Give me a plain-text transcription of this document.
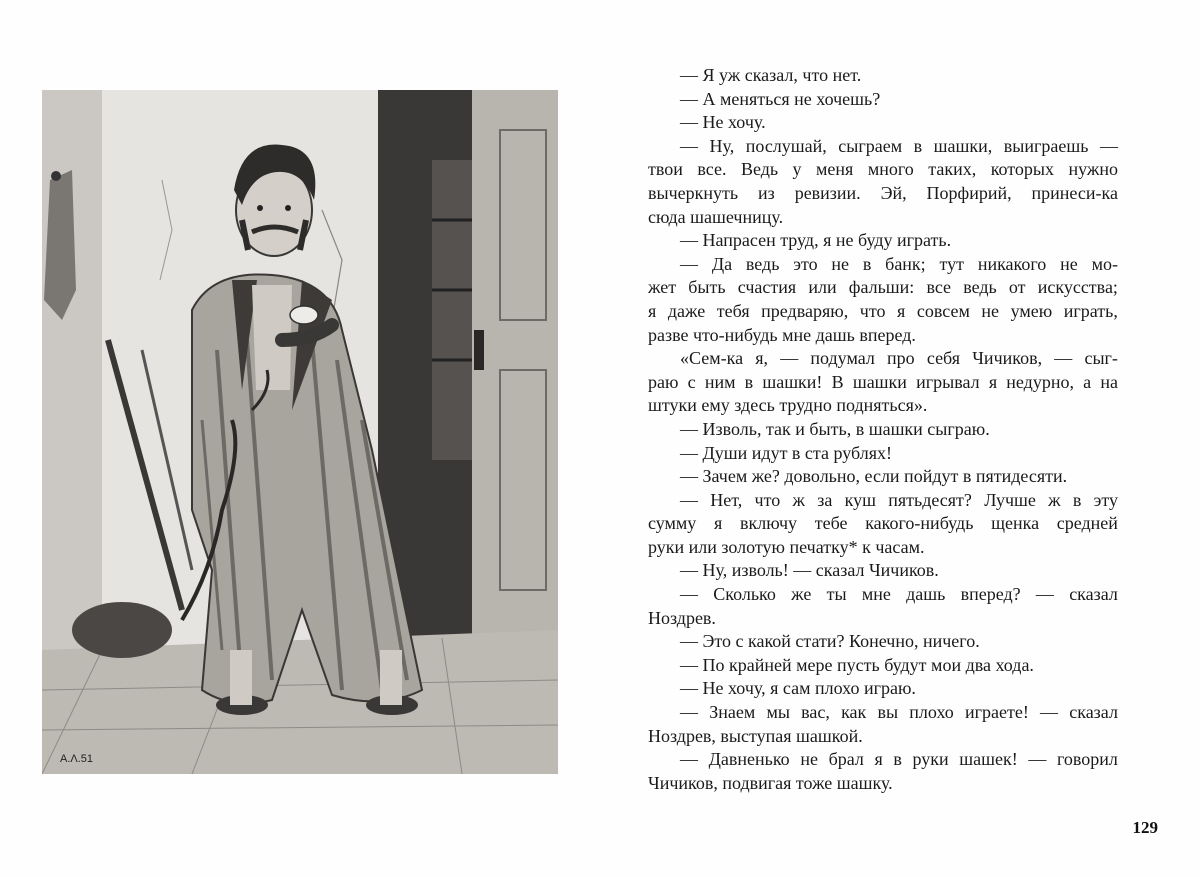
A.Λ.51
— Я уж сказал, что нет.
— А меняться не хочешь?
— Не хочу.
— Ну, послушай, сыграем в шашки, выиграешь —
твои все. Ведь у меня много таких, которых нужно
вычеркнуть из ревизии. Эй, Порфирий, принеси-ка
сюда шашечницу.
— Напрасен труд, я не буду играть.
— Да ведь это не в банк; тут никакого не мо-
жет быть счастия или фальши: все ведь от искусства;
я даже тебя предваряю, что я совсем не умею играть,
разве что-нибудь мне дашь вперед.
«Сем-ка я, — подумал про себя Чичиков, — сыг-
раю с ним в шашки! В шашки игрывал я недурно, а на
штуки ему здесь трудно подняться».
— Изволь, так и быть, в шашки сыграю.
— Души идут в ста рублях!
— Зачем же? довольно, если пойдут в пятидесяти.
— Нет, что ж за куш пятьдесят? Лучше ж в эту
сумму я включу тебе какого-нибудь щенка средней
руки или золотую печатку* к часам.
— Ну, изволь! — сказал Чичиков.
— Сколько же ты мне дашь вперед? — сказал
Ноздрев.
— Это с какой стати? Конечно, ничего.
— По крайней мере пусть будут мои два хода.
— Не хочу, я сам плохо играю.
— Знаем мы вас, как вы плохо играете! — сказал
Ноздрев, выступая шашкой.
— Давненько не брал я в руки шашек! — говорил
Чичиков, подвигая тоже шашку.
129
